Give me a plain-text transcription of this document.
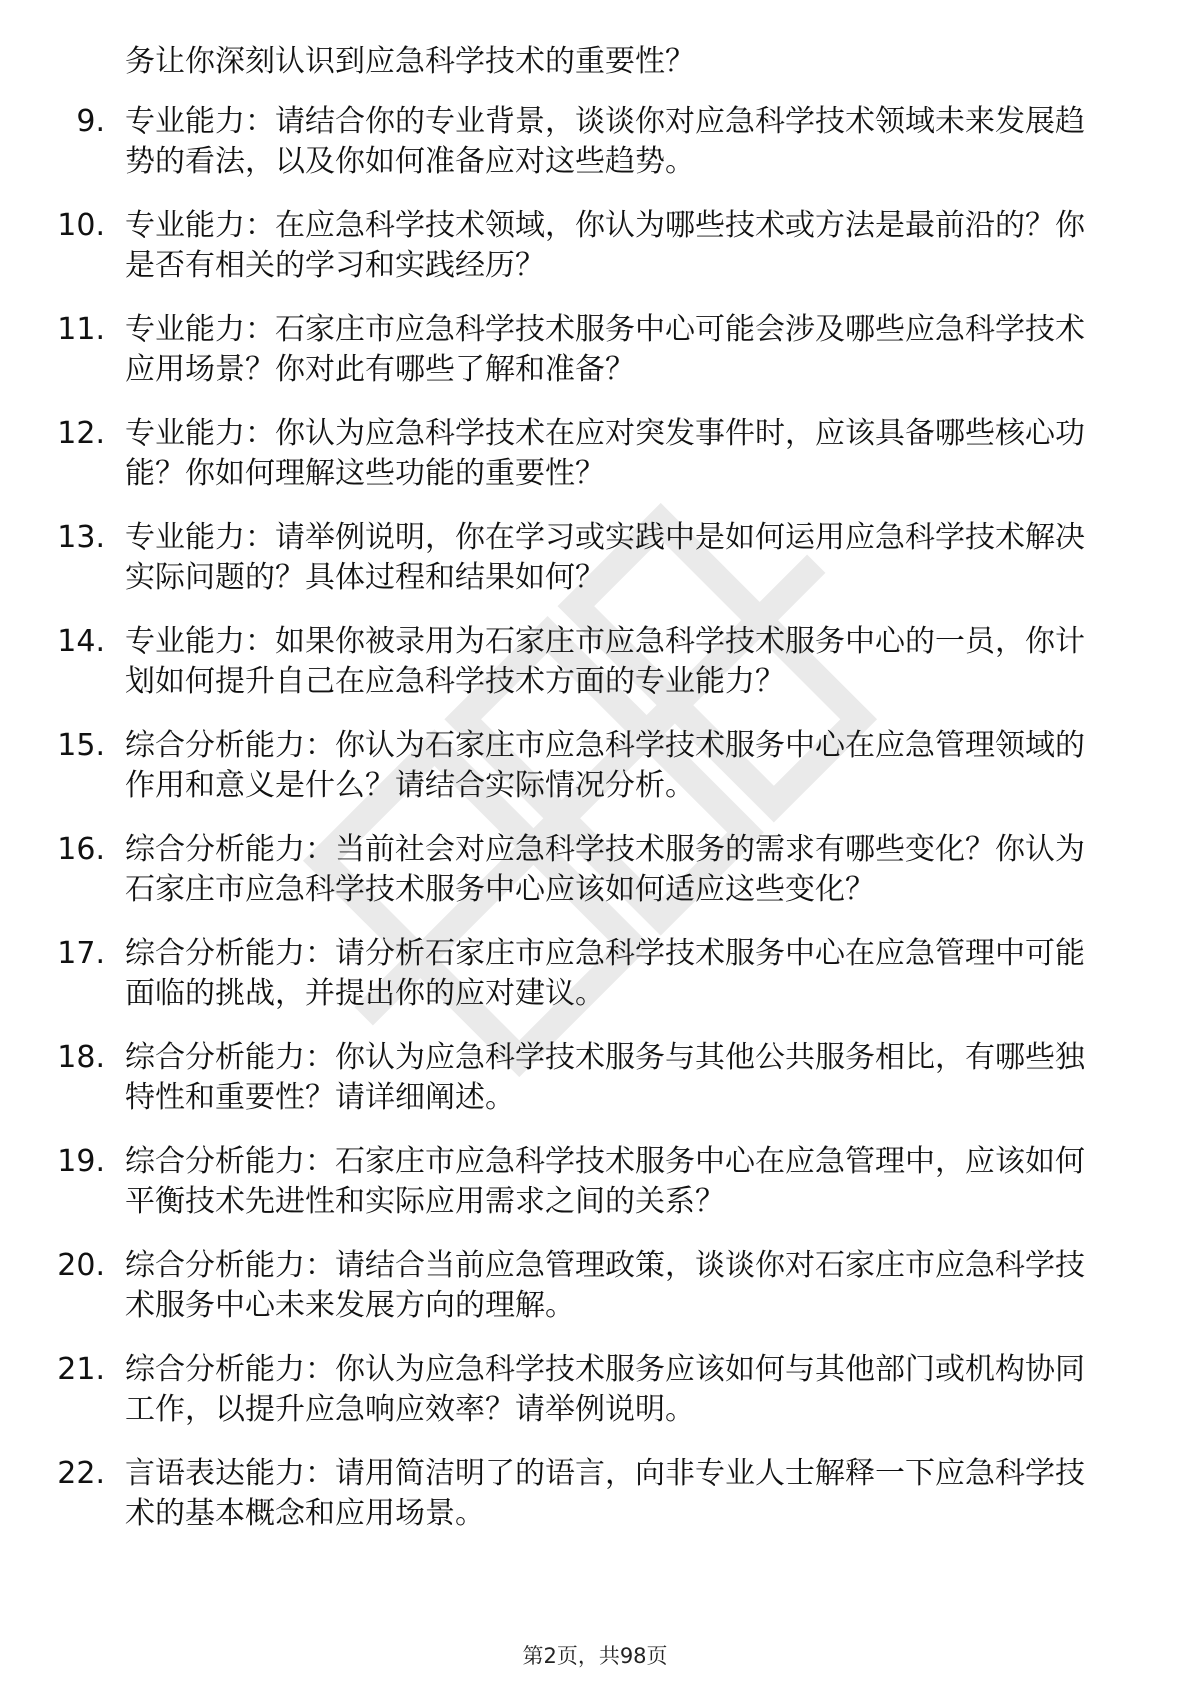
务让你深刻认识到应急科学技术的重要性？
9. 专业能力：请结合你的专业背景，谈谈你对应急科学技术领域未来发展趋势的看法，以及你如何准备应对这些趋势。
10. 专业能力：在应急科学技术领域，你认为哪些技术或方法是最前沿的？你是否有相关的学习和实践经历？
11. 专业能力：石家庄市应急科学技术服务中心可能会涉及哪些应急科学技术应用场景？你对此有哪些了解和准备？
12. 专业能力：你认为应急科学技术在应对突发事件时，应该具备哪些核心功能？你如何理解这些功能的重要性？
13. 专业能力：请举例说明，你在学习或实践中是如何运用应急科学技术解决实际问题的？具体过程和结果如何？
14. 专业能力：如果你被录用为石家庄市应急科学技术服务中心的一员，你计划如何提升自己在应急科学技术方面的专业能力？
15. 综合分析能力：你认为石家庄市应急科学技术服务中心在应急管理领域的作用和意义是什么？请结合实际情况分析。
16. 综合分析能力：当前社会对应急科学技术服务的需求有哪些变化？你认为石家庄市应急科学技术服务中心应该如何适应这些变化？
17. 综合分析能力：请分析石家庄市应急科学技术服务中心在应急管理中可能面临的挑战，并提出你的应对建议。
18. 综合分析能力：你认为应急科学技术服务与其他公共服务相比，有哪些独特性和重要性？请详细阐述。
19. 综合分析能力：石家庄市应急科学技术服务中心在应急管理中，应该如何平衡技术先进性和实际应用需求之间的关系？
20. 综合分析能力：请结合当前应急管理政策，谈谈你对石家庄市应急科学技术服务中心未来发展方向的理解。
21. 综合分析能力：你认为应急科学技术服务应该如何与其他部门或机构协同工作，以提升应急响应效率？请举例说明。
22. 言语表达能力：请用简洁明了的语言，向非专业人士解释一下应急科学技术的基本概念和应用场景。
第2页，共98页
